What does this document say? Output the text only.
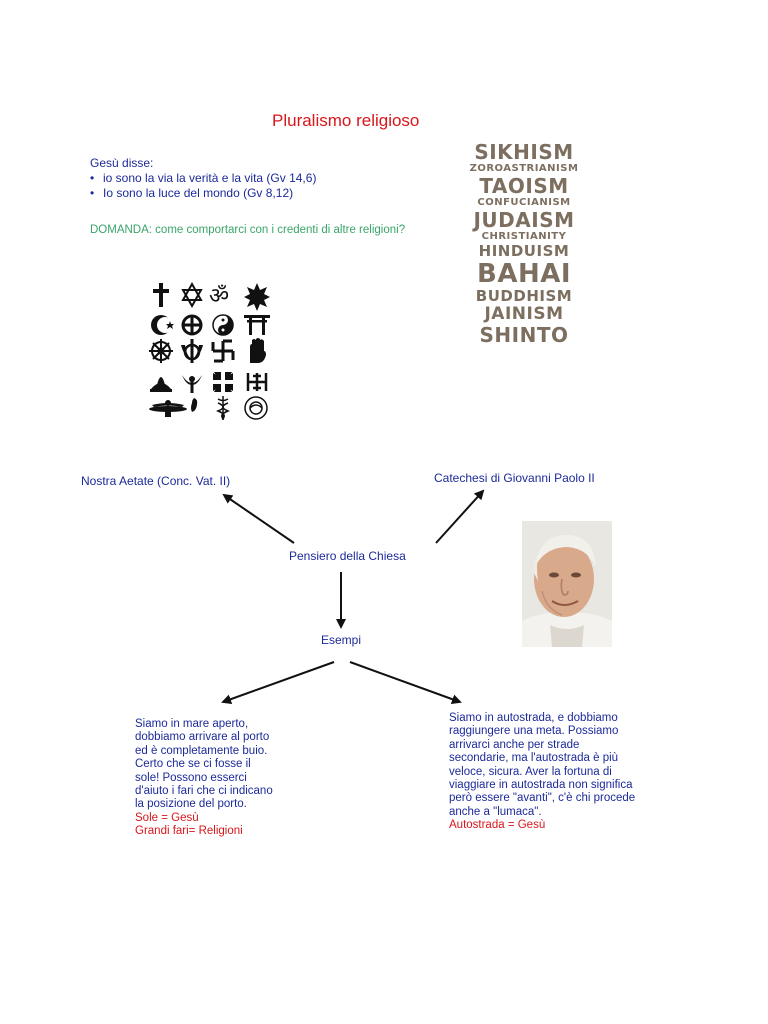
Pluralismo religioso
Gesù disse:
• io sono la via la verità e la vita (Gv 14,6)
• Io sono la luce del mondo (Gv 8,12)
DOMANDA: come comportarci con i credenti di altre religioni?
ॐ
SIKHISM
ZOROASTRIANISM
TAOISM
CONFUCIANISM
JUDAISM
CHRISTIANITY
HINDUISM
BAHAI
BUDDHISM
JAINISM
SHINTO
Nostra Aetate (Conc. Vat. II)	Catechesi di Giovanni Paolo II
Pensiero della Chiesa
Esempi
Siamo in mare aperto,
dobbiamo arrivare al porto
ed è completamente buio.
Certo che se ci fosse il
sole! Possono esserci
d'aiuto i fari che ci indicano
la posizione del porto.
Sole = Gesù
Grandi fari= Religioni
Siamo in autostrada, e dobbiamo
raggiungere una meta. Possiamo
arrivarci anche per strade
secondarie, ma l'autostrada è più
veloce, sicura. Aver la fortuna di
viaggiare in autostrada non significa
però essere "avanti", c'è chi procede
anche a "lumaca".
Autostrada = Gesù
